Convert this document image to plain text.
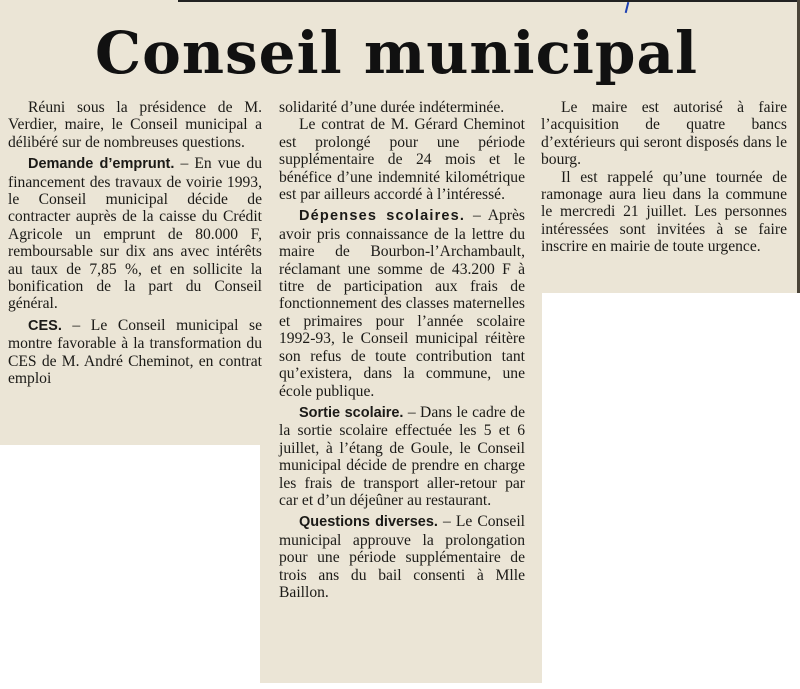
Conseil municipal

Réuni sous la présidence de M. Verdier, maire, le Conseil municipal a délibéré sur de nombreuses questions.

Demande d’emprunt. – En vue du financement des travaux de voirie 1993, le Conseil municipal décide de contracter auprès de la caisse du Crédit Agricole un emprunt de 80.000 F, remboursable sur dix ans avec intérêts au taux de 7,85 %, et en sollicite la bonification de la part du Conseil général.

CES. – Le Conseil municipal se montre favorable à la transformation du CES de M. André Cheminot, en contrat emploi

solidarité d’une durée indéterminée.

Le contrat de M. Gérard Cheminot est prolongé pour une période supplémentaire de 24 mois et le bénéfice d’une indemnité kilométrique est par ailleurs accordé à l’intéressé.

Dépenses scolaires. – Après avoir pris connaissance de la lettre du maire de Bourbon-l’Archambault, réclamant une somme de 43.200 F à titre de participation aux frais de fonctionnement des classes maternelles et primaires pour l’année scolaire 1992-93, le Conseil municipal réitère son refus de toute contribution tant qu’existera, dans la commune, une école publique.

Sortie scolaire. – Dans le cadre de la sortie scolaire effectuée les 5 et 6 juillet, à l’étang de Goule, le Conseil municipal décide de prendre en charge les frais de transport aller-retour par car et d’un déjeûner au restaurant.

Questions diverses. – Le Conseil municipal approuve la prolongation pour une période supplémentaire de trois ans du bail consenti à Mlle Baillon.

Le maire est autorisé à faire l’acquisition de quatre bancs d’extérieurs qui seront disposés dans le bourg.

Il est rappelé qu’une tournée de ramonage aura lieu dans la commune le mercredi 21 juillet. Les personnes intéressées sont invitées à se faire inscrire en mairie de toute urgence.
